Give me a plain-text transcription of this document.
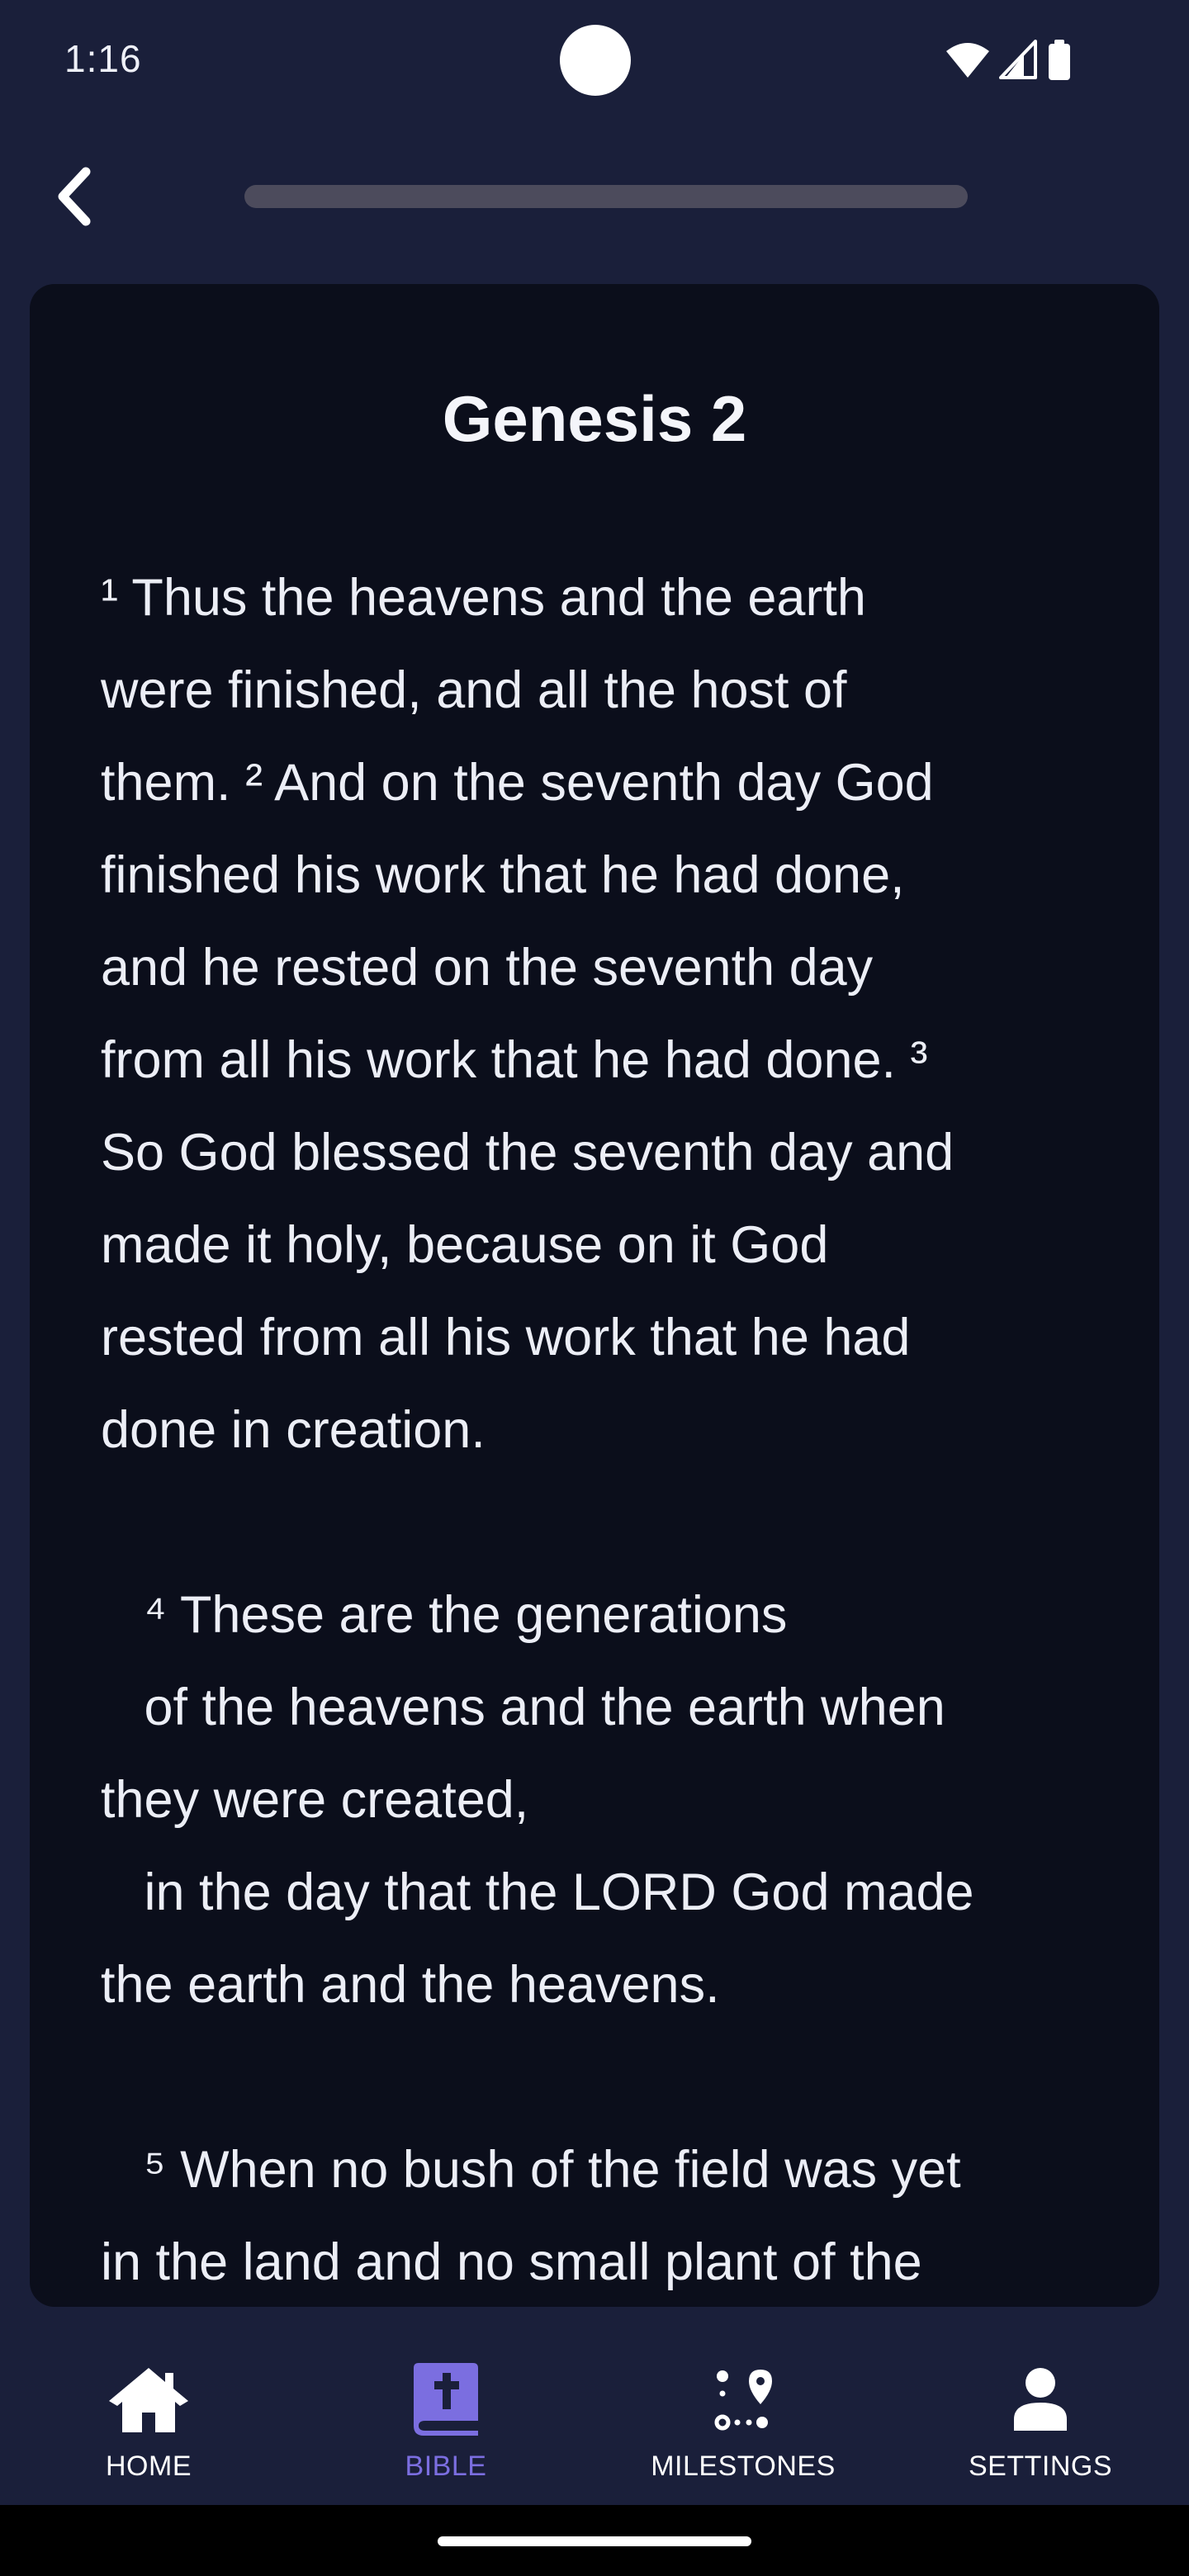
1:16
Genesis 2
¹ Thus the heavens and the earth
were finished, and all the host of
them. ² And on the seventh day God
finished his work that he had done,
and he rested on the seventh day
from all his work that he had done. ³
So God blessed the seventh day and
made it holy, because on it God
rested from all his work that he had
done in creation.

⁴ These are the generations
of the heavens and the earth when
they were created,
in the day that the LORD God made
the earth and the heavens.

⁵ When no bush of the field was yet
in the land and no small plant of the
HOME	BIBLE	MILESTONES	SETTINGS
